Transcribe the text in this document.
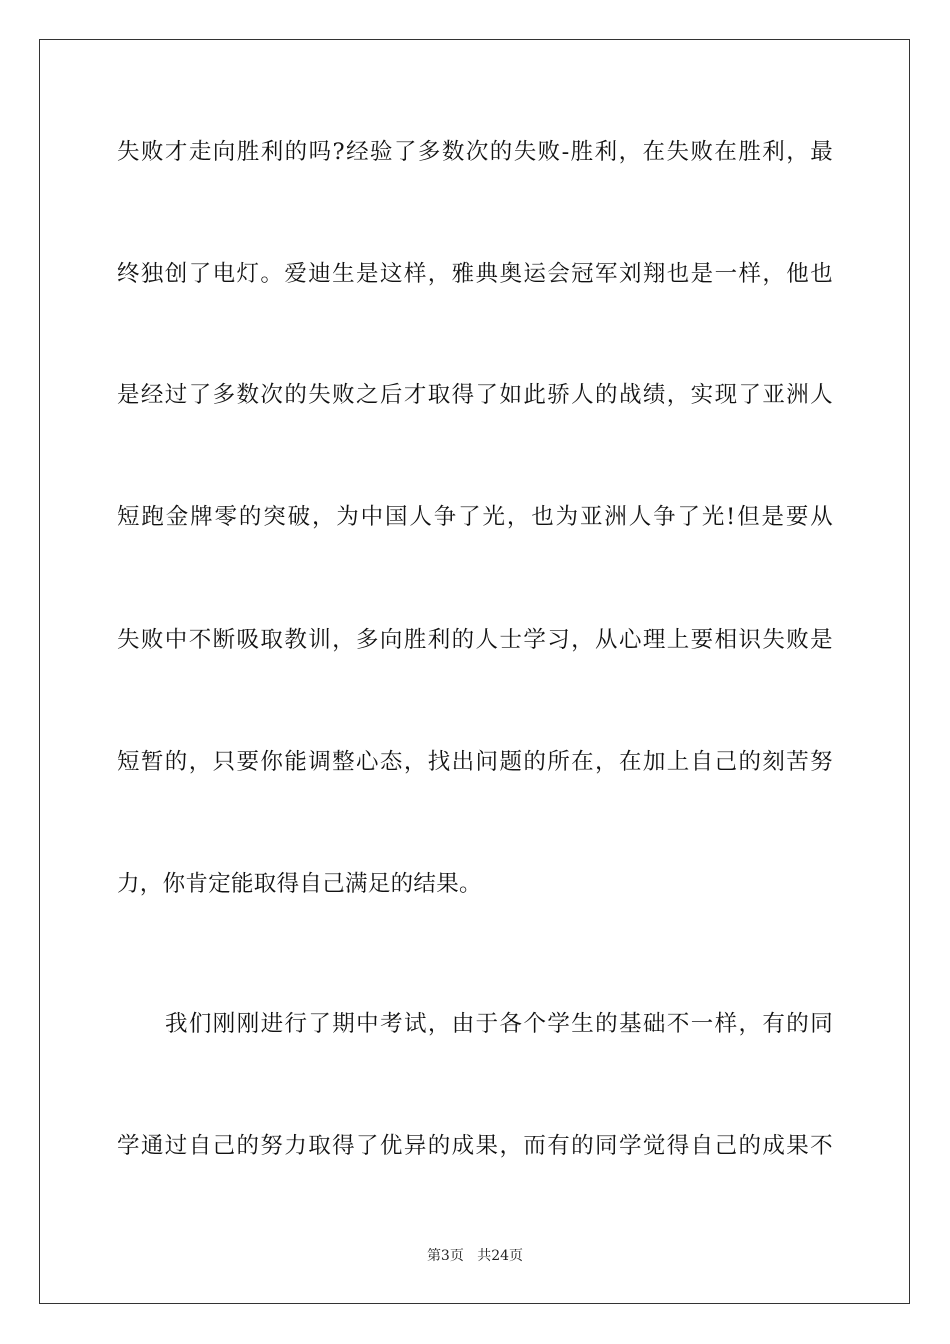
失败才走向胜利的吗?经验了多数次的失败-胜利，在失败在胜利，最
终独创了电灯。爱迪生是这样，雅典奥运会冠军刘翔也是一样，他也
是经过了多数次的失败之后才取得了如此骄人的战绩，实现了亚洲人
短跑金牌零的突破，为中国人争了光，也为亚洲人争了光!但是要从
失败中不断吸取教训，多向胜利的人士学习，从心理上要相识失败是
短暂的，只要你能调整心态，找出问题的所在，在加上自己的刻苦努
力，你肯定能取得自己满足的结果。
我们刚刚进行了期中考试，由于各个学生的基础不一样，有的同
学通过自己的努力取得了优异的成果，而有的同学觉得自己的成果不
第3页 共24页
